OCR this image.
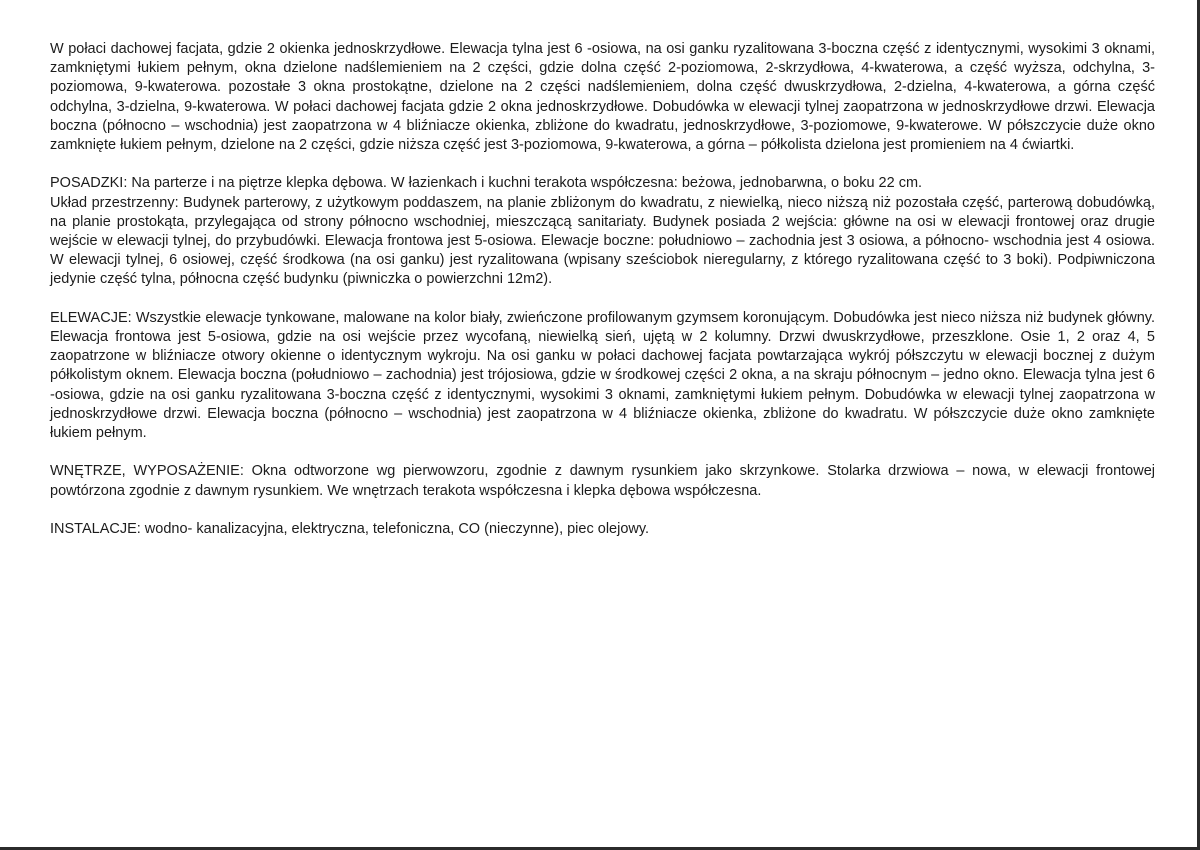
W połaci dachowej facjata, gdzie 2 okienka jednoskrzydłowe. Elewacja tylna jest 6 -osiowa, na osi ganku ryzalitowana 3-boczna część z identycznymi, wysokimi 3 oknami, zamkniętymi łukiem pełnym, okna dzielone nadślemieniem na 2 części, gdzie dolna część 2-poziomowa, 2-skrzydłowa, 4-kwaterowa, a część wyższa, odchylna, 3-poziomowa, 9-kwaterowa. pozostałe 3 okna prostokątne, dzielone na 2 części nadślemieniem, dolna część dwuskrzydłowa, 2-dzielna, 4-kwaterowa, a górna część odchylna, 3-dzielna, 9-kwaterowa. W połaci dachowej facjata gdzie 2 okna jednoskrzydłowe. Dobudówka w elewacji tylnej zaopatrzona w jednoskrzydłowe drzwi. Elewacja boczna (północno – wschodnia) jest zaopatrzona w 4 bliźniacze okienka, zbliżone do kwadratu, jednoskrzydłowe, 3-poziomowe, 9-kwaterowe. W półszczycie duże okno zamknięte łukiem pełnym, dzielone na 2 części, gdzie niższa część jest 3-poziomowa, 9-kwaterowa, a górna – półkolista dzielona jest promieniem na 4 ćwiartki.

POSADZKI: Na parterze i na piętrze klepka dębowa. W łazienkach i kuchni terakota współczesna: beżowa, jednobarwna, o boku 22 cm.

Układ przestrzenny: Budynek parterowy, z użytkowym poddaszem, na planie zbliżonym do kwadratu, z niewielką, nieco niższą niż pozostała część, parterową dobudówką, na planie prostokąta, przylegająca od strony północno wschodniej, mieszczącą sanitariaty. Budynek posiada 2 wejścia: główne na osi w elewacji frontowej oraz drugie wejście w elewacji tylnej, do przybudówki. Elewacja frontowa jest 5-osiowa. Elewacje boczne: południowo – zachodnia jest 3 osiowa, a północno- wschodnia jest 4 osiowa. W elewacji tylnej, 6 osiowej, część środkowa (na osi ganku) jest ryzalitowana (wpisany sześciobok nieregularny, z którego ryzalitowana część to 3 boki). Podpiwniczona jedynie część tylna, północna część budynku (piwniczka o powierzchni 12m2).

ELEWACJE: Wszystkie elewacje tynkowane, malowane na kolor biały, zwieńczone profilowanym gzymsem koronującym. Dobudówka jest nieco niższa niż budynek główny. Elewacja frontowa jest 5-osiowa, gdzie na osi wejście przez wycofaną, niewielką sień, ujętą w 2 kolumny. Drzwi dwuskrzydłowe, przeszklone. Osie 1, 2 oraz 4, 5 zaopatrzone w bliźniacze otwory okienne o identycznym wykroju. Na osi ganku w połaci dachowej facjata powtarzająca wykrój półszczytu w elewacji bocznej z dużym półkolistym oknem. Elewacja boczna (południowo – zachodnia) jest trójosiowa, gdzie w środkowej części 2 okna, a na skraju północnym – jedno okno. Elewacja tylna jest 6 -osiowa, gdzie na osi ganku ryzalitowana 3-boczna część z identycznymi, wysokimi 3 oknami, zamkniętymi łukiem pełnym. Dobudówka w elewacji tylnej zaopatrzona w jednoskrzydłowe drzwi. Elewacja boczna (północno – wschodnia) jest zaopatrzona w 4 bliźniacze okienka, zbliżone do kwadratu. W półszczycie duże okno zamknięte łukiem pełnym.

WNĘTRZE, WYPOSAŻENIE: Okna odtworzone wg pierwowzoru, zgodnie z dawnym rysunkiem jako skrzynkowe. Stolarka drzwiowa – nowa, w elewacji frontowej powtórzona zgodnie z dawnym rysunkiem. We wnętrzach terakota współczesna i klepka dębowa współczesna.

INSTALACJE: wodno- kanalizacyjna, elektryczna, telefoniczna, CO (nieczynne), piec olejowy.
